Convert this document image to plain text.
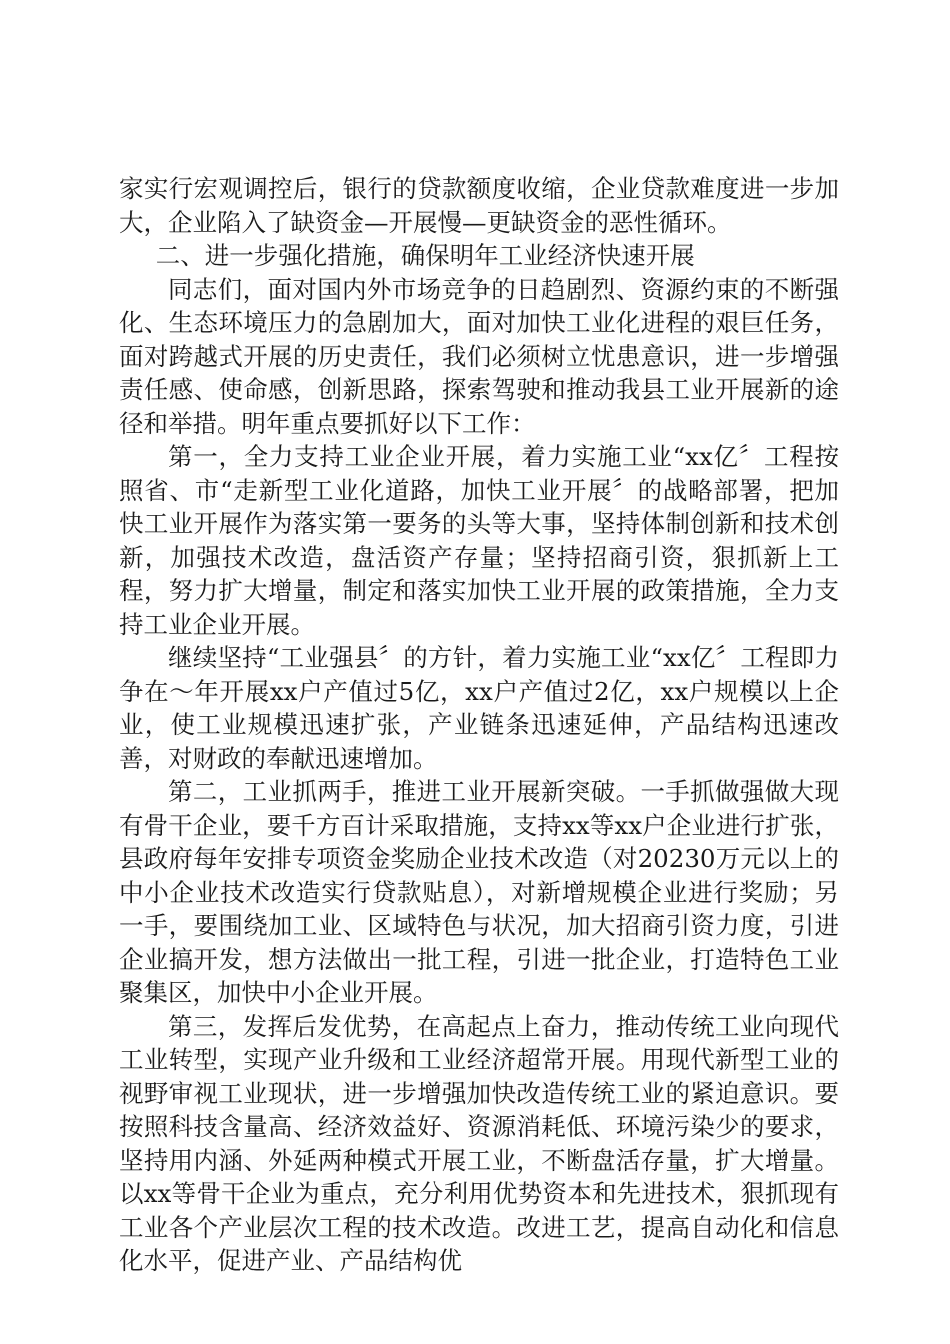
家实行宏观调控后，银行的贷款额度收缩，企业贷款难度进一步加大，企业陷入了缺资金—开展慢—更缺资金的恶性循环。

二、进一步强化措施，确保明年工业经济快速开展

同志们，面对国内外市场竞争的日趋剧烈、资源约束的不断强化、生态环境压力的急剧加大，面对加快工业化进程的艰巨任务，面对跨越式开展的历史责任，我们必须树立忧患意识，进一步增强责任感、使命感，创新思路，探索驾驶和推动我县工业开展新的途径和举措。明年重点要抓好以下工作：

第一，全力支持工业企业开展，着力实施工业“xx亿〞工程按照省、市“走新型工业化道路，加快工业开展〞的战略部署，把加快工业开展作为落实第一要务的头等大事，坚持体制创新和技术创新，加强技术改造，盘活资产存量；坚持招商引资，狠抓新上工程，努力扩大增量，制定和落实加快工业开展的政策措施，全力支持工业企业开展。

继续坚持“工业强县〞的方针，着力实施工业“xx亿〞工程即力争在～年开展xx户产值过5亿，xx户产值过2亿，xx户规模以上企业，使工业规模迅速扩张，产业链条迅速延伸，产品结构迅速改善，对财政的奉献迅速增加。

第二，工业抓两手，推进工业开展新突破。一手抓做强做大现有骨干企业，要千方百计采取措施，支持xx等xx户企业进行扩张，县政府每年安排专项资金奖励企业技术改造（对20230万元以上的中小企业技术改造实行贷款贴息），对新增规模企业进行奖励；另一手，要围绕加工业、区域特色与状况，加大招商引资力度，引进企业搞开发，想方法做出一批工程，引进一批企业，打造特色工业聚集区，加快中小企业开展。

第三，发挥后发优势，在高起点上奋力，推动传统工业向现代工业转型，实现产业升级和工业经济超常开展。用现代新型工业的视野审视工业现状，进一步增强加快改造传统工业的紧迫意识。要按照科技含量高、经济效益好、资源消耗低、环境污染少的要求，坚持用内涵、外延两种模式开展工业，不断盘活存量，扩大增量。以xx等骨干企业为重点，充分利用优势资本和先进技术，狠抓现有工业各个产业层次工程的技术改造。改进工艺，提高自动化和信息化水平，促进产业、产品结构优
